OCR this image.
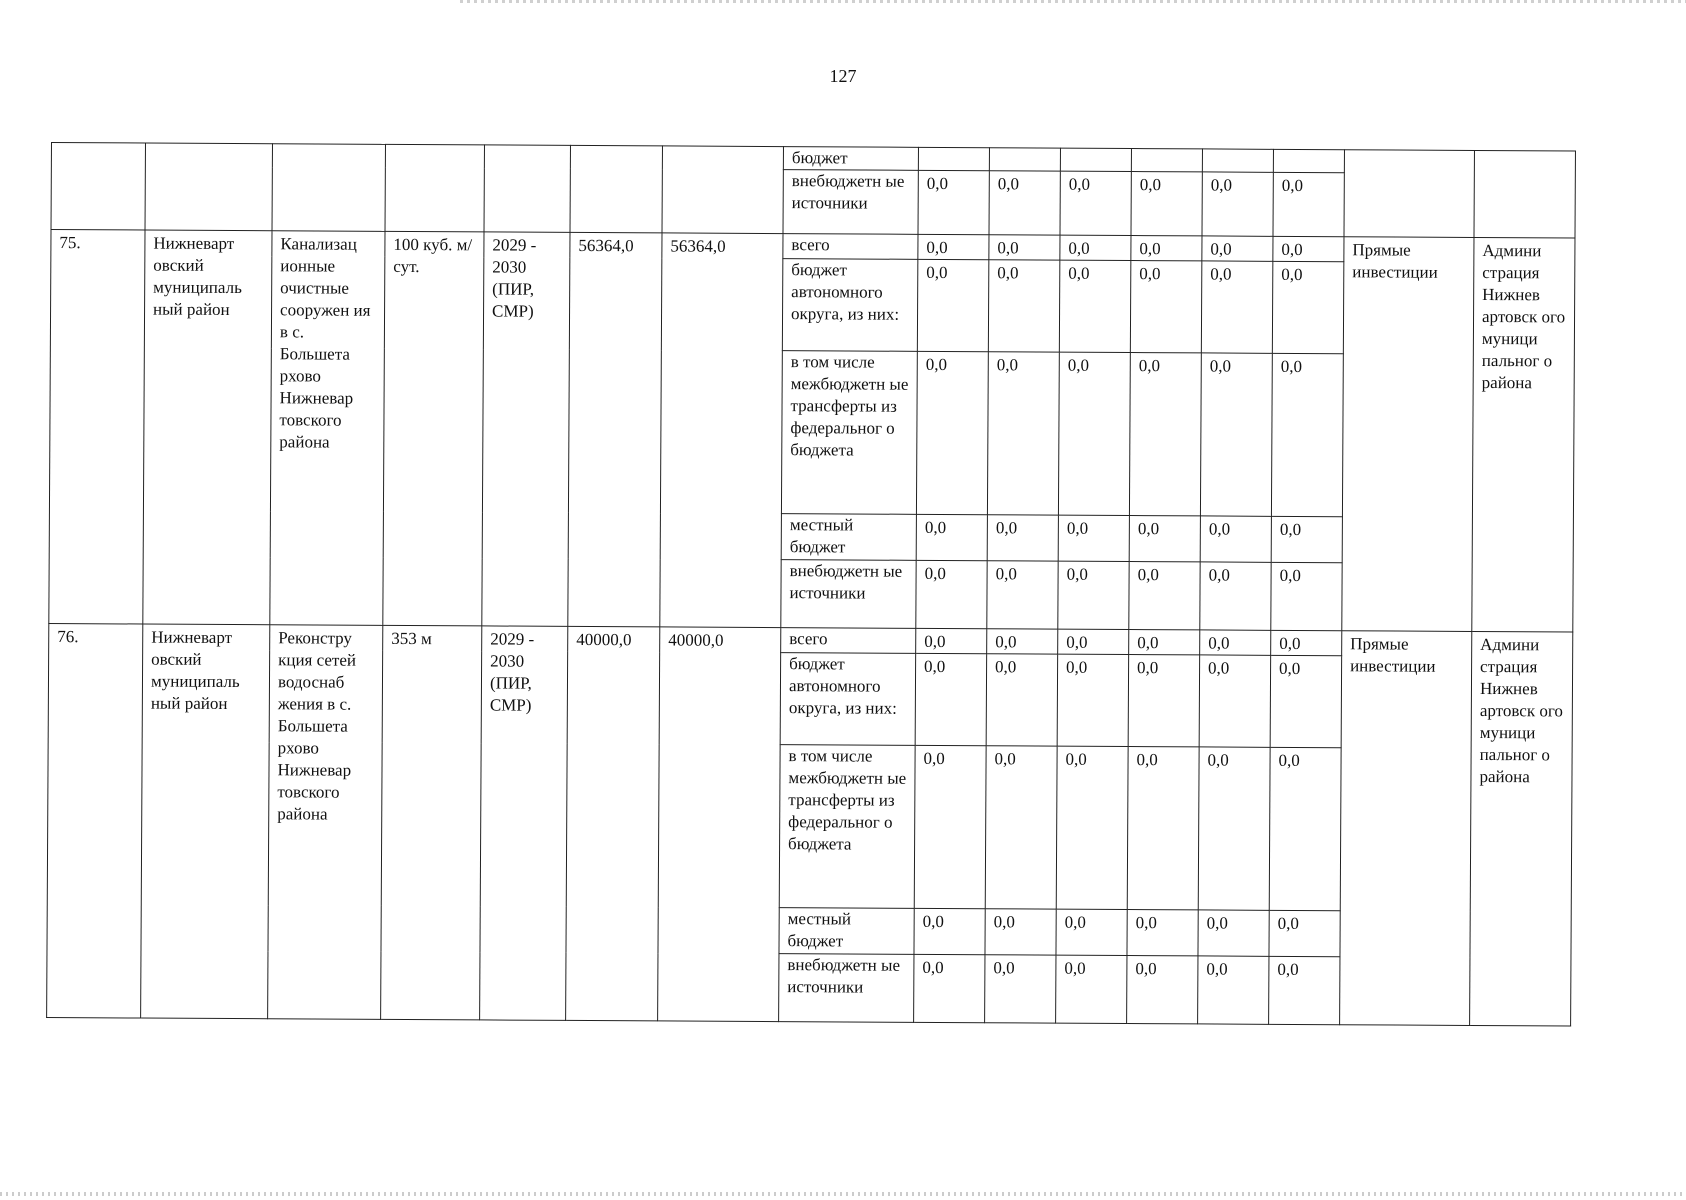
127
							бюджет								
							внебюджетн ые источники	0,0	0,0	0,0	0,0	0,0	0,0		
75.	Нижневарт овский муниципаль ный район	Канализац ионные очистные сооружен ия в с. Большета рхово Нижневар товского района	100 куб. м/сут.	2029 - 2030 (ПИР, СМР)	56364,0	56364,0	всего	0,0	0,0	0,0	0,0	0,0	0,0	Прямые инвестиции	Админи страция Нижнев артовск ого муници пальног о района
							бюджет автономного округа, из них:	0,0	0,0	0,0	0,0	0,0	0,0		
							в том числе межбюджетн ые трансферты из федеральног о бюджета	0,0	0,0	0,0	0,0	0,0	0,0		
							местный бюджет	0,0	0,0	0,0	0,0	0,0	0,0		
							внебюджетн ые источники	0,0	0,0	0,0	0,0	0,0	0,0		
76.	Нижневарт овский муниципаль ный район	Реконстру кция сетей водоснаб жения в с. Большета рхово Нижневар товского района	353 м	2029 - 2030 (ПИР, СМР)	40000,0	40000,0	всего	0,0	0,0	0,0	0,0	0,0	0,0	Прямые инвестиции	Админи страция Нижнев артовск ого муници пальног о района
							бюджет автономного округа, из них:	0,0	0,0	0,0	0,0	0,0	0,0		
							в том числе межбюджетн ые трансферты из федеральног о бюджета	0,0	0,0	0,0	0,0	0,0	0,0		
							местный бюджет	0,0	0,0	0,0	0,0	0,0	0,0		
							внебюджетн ые источники	0,0	0,0	0,0	0,0	0,0	0,0		
